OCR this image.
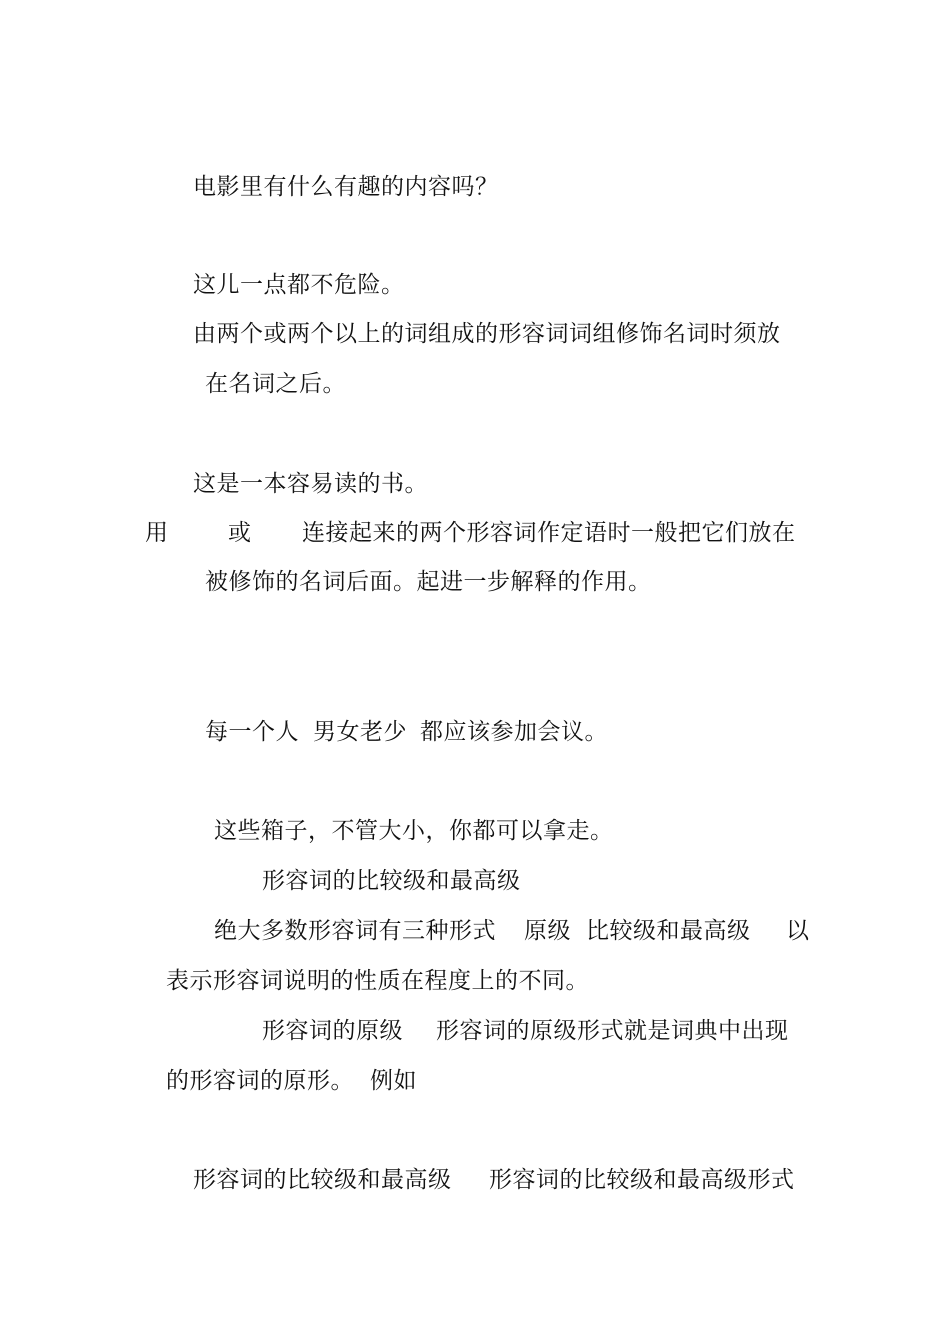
电影里有什么有趣的内容吗？
这儿一点都不危险。
由两个或两个以上的词组成的形容词词组修饰名词时须放
在名词之后。
这是一本容易读的书。
用	或 连接起来的两个形容词作定语时一般把它们放在
被修饰的名词后面。起进一步解释的作用。
每一个人 男女老少 都应该参加会议。
这些箱子，不管大小，你都可以拿走。
形容词的比较级和最高级
绝大多数形容词有三种形式 原级 比较级和最高级 以
表示形容词说明的性质在程度上的不同。
形容词的原级 形容词的原级形式就是词典中出现
的形容词的原形。 例如
形容词的比较级和最高级 形容词的比较级和最高级形式
